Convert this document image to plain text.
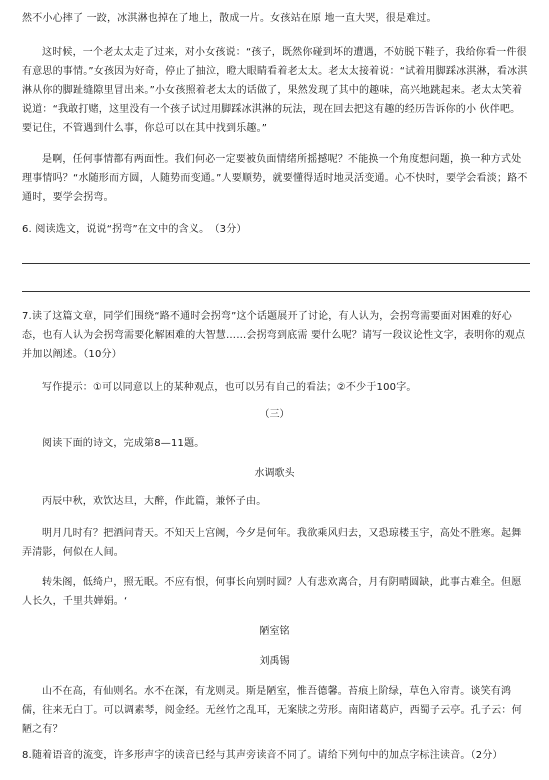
然不小心摔了 一跤，冰淇淋也掉在了地上，散成一片。女孩站在原 地一直大哭，很是难过。
这时候，一个老太太走了过来，对小女孩说：“孩子，既然你碰到坏的遭遇，不妨脱下鞋子，我给你看一件很有意思的事情。”女孩因为好奇，停止了抽泣，瞪大眼睛看着老太太。老太太接着说：“试着用脚踩冰淇淋，看冰淇淋从你的脚趾缝隙里冒出来。”小女孩照着老太太的话做了，果然发现了其中的趣味，高兴地跳起来。老太太笑着说道：“我敢打赌，这里没有一个孩子试过用脚踩冰淇淋的玩法，现在回去把这有趣的经历告诉你的小 伙伴吧。要记住，不管遇到什么事，你总可以在其中找到乐趣。”
是啊，任何事情都有两面性。我们何必一定要被负面情绪所摇撼呢？不能换一个角度想问题，换一种方式处理事情吗？“水随形而方圆，人随势而变通。”人要顺势，就要懂得适时地灵活变通。心不快时，要学会看淡；路不通时，要学会拐弯。
6. 阅读选文，说说“拐弯”在文中的含义。　（3分）
7.读了这篇文章，同学们围绕“路不通时会拐弯”这个话题展开了讨论，有人认为，会拐弯需要面对困难的好心态，也有人认为会拐弯需要化解困难的大智慧……会拐弯到底需 要什么呢？请写一段议论性文字，表明你的观点并加以阐述。（10分）
写作提示：①可以同意以上的某种观点，也可以另有自己的看法；②不少于100字。
（三）
阅读下面的诗文，完成第8—11题。
水调歌头
丙辰中秋，欢饮达旦，大醉，作此篇，兼怀子由。
明月几时有？把酒问青天。不知天上宫阙，今夕是何年。我欲乘风归去，又恐琼楼玉宇，高处不胜寒。起舞弄清影，何似在人间。
转朱阁，低绮户，照无眠。不应有恨，何事长向别时圆？人有悲欢离合，月有阴晴圆缺，此事古难全。但愿人长久，千里共婵娟。‘
陋室铭
刘禹锡
山不在高，有仙则名。水不在深，有龙则灵。斯是陋室，惟吾德馨。苔痕上阶绿，草色入帘青。谈笑有鸿儒，往来无白丁。可以调素琴，阅金经。无丝竹之乱耳，无案牍之劳形。南阳诸葛庐，西蜀子云亭。孔子云：何陋之有？
8.随着语音的流变，许多形声字的读音已经与其声旁读音不同了。请给下列句中的加点字标注读音。（2分）
